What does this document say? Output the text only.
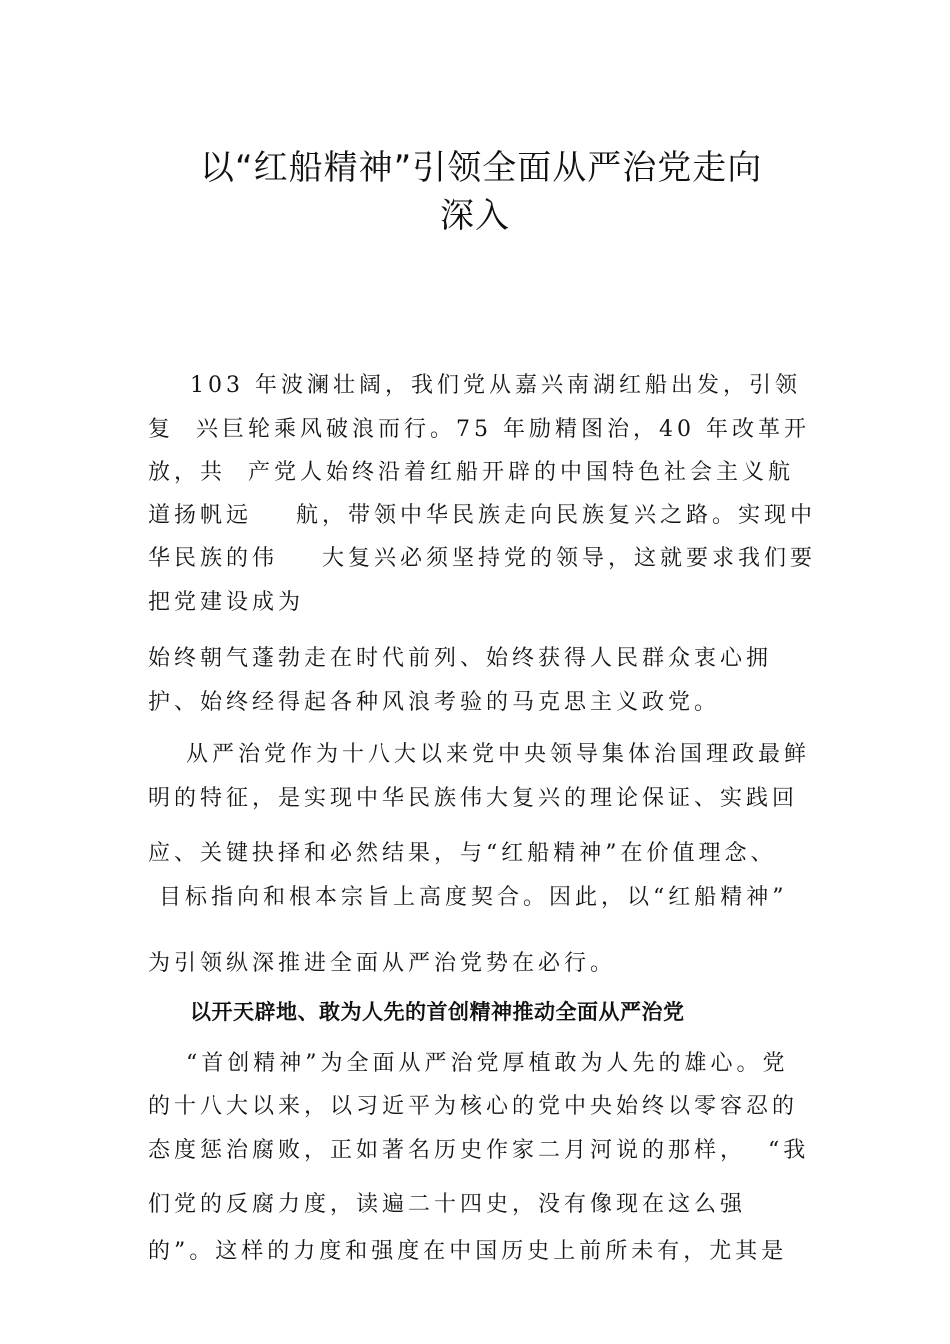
以“红船精神”引领全面从严治党走向
深入
103 年波澜壮阔，我们党从嘉兴南湖红船出发，引领
复  兴巨轮乘风破浪而行。75 年励精图治，40 年改革开
放，共  产党人始终沿着红船开辟的中国特色社会主义航
道扬帆远    航，带领中华民族走向民族复兴之路。实现中
华民族的伟    大复兴必须坚持党的领导，这就要求我们要
把党建设成为
始终朝气蓬勃走在时代前列、始终获得人民群众衷心拥
护、始终经得起各种风浪考验的马克思主义政党。
从严治党作为十八大以来党中央领导集体治国理政最鲜
明的特征，是实现中华民族伟大复兴的理论保证、实践回
应、关键抉择和必然结果，与“红船精神”在价值理念、
目标指向和根本宗旨上高度契合。因此，以“红船精神”
为引领纵深推进全面从严治党势在必行。
以开天辟地、敢为人先的首创精神推动全面从严治党
“首创精神”为全面从严治党厚植敢为人先的雄心。党
的十八大以来，以习近平为核心的党中央始终以零容忍的
态度惩治腐败，正如著名历史作家二月河说的那样，  “我
们党的反腐力度，读遍二十四史，没有像现在这么强
的”。这样的力度和强度在中国历史上前所未有，尤其是
